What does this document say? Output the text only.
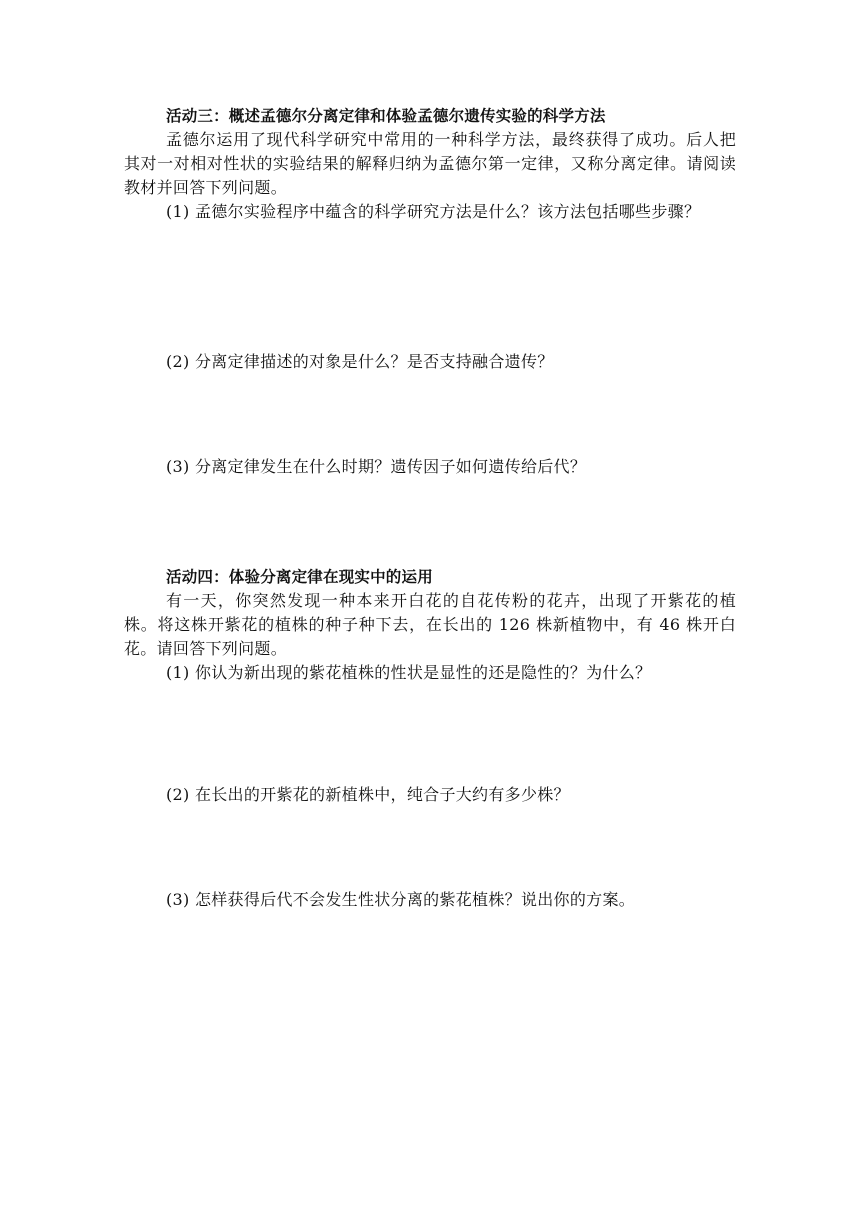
活动三：概述孟德尔分离定律和体验孟德尔遗传实验的科学方法

孟德尔运用了现代科学研究中常用的一种科学方法，最终获得了成功。后人把其对一对相对性状的实验结果的解释归纳为孟德尔第一定律，又称分离定律。请阅读教材并回答下列问题。

(1) 孟德尔实验程序中蕴含的科学研究方法是什么？该方法包括哪些步骤？

(2) 分离定律描述的对象是什么？是否支持融合遗传？

(3) 分离定律发生在什么时期？遗传因子如何遗传给后代？

活动四：体验分离定律在现实中的运用

有一天，你突然发现一种本来开白花的自花传粉的花卉，出现了开紫花的植株。将这株开紫花的植株的种子种下去，在长出的 126 株新植物中，有 46 株开白花。请回答下列问题。

(1) 你认为新出现的紫花植株的性状是显性的还是隐性的？为什么？

(2) 在长出的开紫花的新植株中，纯合子大约有多少株？

(3) 怎样获得后代不会发生性状分离的紫花植株？说出你的方案。
